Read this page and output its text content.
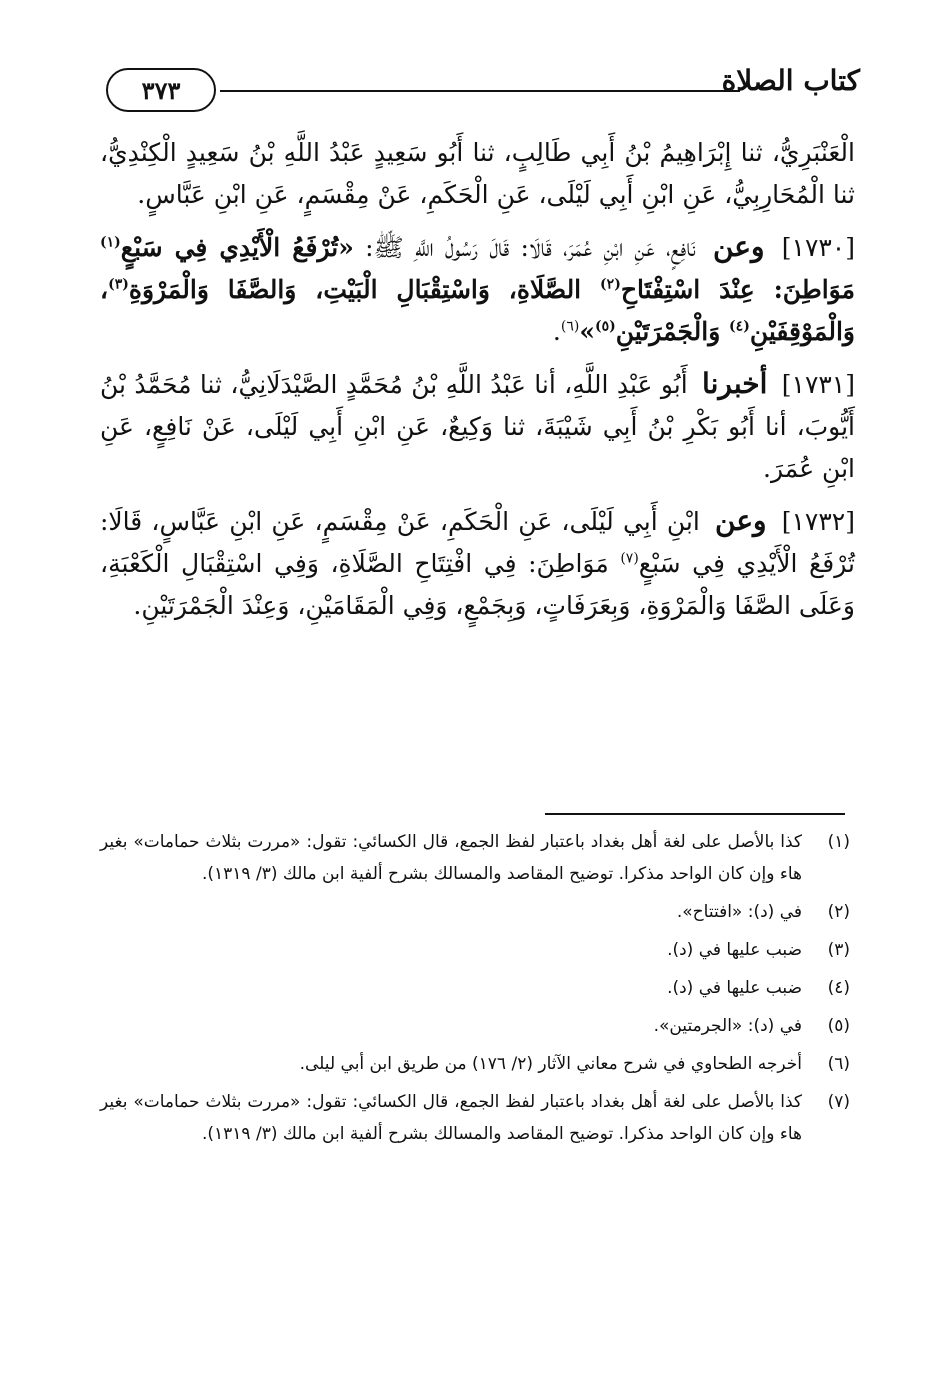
٣٧٣	كتاب الصلاة

الْعَنْبَرِيُّ، ثنا إِبْرَاهِيمُ بْنُ أَبِي طَالِبٍ، ثنا أَبُو سَعِيدٍ عَبْدُ اللَّهِ بْنُ سَعِيدٍ الْكِنْدِيُّ، ثنا الْمُحَارِبِيُّ، عَنِ ابْنِ أَبِي لَيْلَى، عَنِ الْحَكَمِ، عَنْ مِقْسَمٍ، عَنِ ابْنِ عَبَّاسٍ.

[١٧٣٠] وعن نَافِعٍ، عَنِ ابْنِ عُمَرَ، قَالَا: قَالَ رَسُولُ اللَّهِ ﷺ: «تُرْفَعُ الْأَيْدِي فِي سَبْعٍ$^{(١)}$ مَوَاطِنَ: عِنْدَ اسْتِفْتَاحِ$^{(٢)}$ الصَّلَاةِ، وَاسْتِقْبَالِ الْبَيْتِ، وَالصَّفَا وَالْمَرْوَةِ$^{(٣)}$، وَالْمَوْقِفَيْنِ$^{(٤)}$ وَالْجَمْرَتَيْنِ$^{(٥)}$»$^{(٦)}$.

[١٧٣١] أخبرنا أَبُو عَبْدِ اللَّهِ، أنا عَبْدُ اللَّهِ بْنُ مُحَمَّدٍ الصَّيْدَلَانِيُّ، ثنا مُحَمَّدُ بْنُ أَيُّوبَ، أنا أَبُو بَكْرِ بْنُ أَبِي شَيْبَةَ، ثنا وَكِيعٌ، عَنِ ابْنِ أَبِي لَيْلَى، عَنْ نَافِعٍ، عَنِ ابْنِ عُمَرَ.

[١٧٣٢] وعن ابْنِ أَبِي لَيْلَى، عَنِ الْحَكَمِ، عَنْ مِقْسَمٍ، عَنِ ابْنِ عَبَّاسٍ، قَالَا: تُرْفَعُ الْأَيْدِي فِي سَبْعٍ$^{(٧)}$ مَوَاطِنَ: فِي افْتِتَاحِ الصَّلَاةِ، وَفِي اسْتِقْبَالِ الْكَعْبَةِ، وَعَلَى الصَّفَا وَالْمَرْوَةِ، وَبِعَرَفَاتٍ، وَبِجَمْعٍ، وَفِي الْمَقَامَيْنِ، وَعِنْدَ الْجَمْرَتَيْنِ.

(١)
كذا بالأصل على لغة أهل بغداد باعتبار لفظ الجمع، قال الكسائي: تقول: «مررت بثلاث حمامات» بغير هاء وإن كان الواحد مذكرا. توضيح المقاصد والمسالك بشرح ألفية ابن مالك (٣/ ١٣١٩).
(٢)
في (د): «افتتاح».
(٣)
ضبب عليها في (د).
(٤)
ضبب عليها في (د).
(٥)
في (د): «الجرمتين».
(٦)
أخرجه الطحاوي في شرح معاني الآثار (٢/ ١٧٦) من طريق ابن أبي ليلى.
(٧)
كذا بالأصل على لغة أهل بغداد باعتبار لفظ الجمع، قال الكسائي: تقول: «مررت بثلاث حمامات» بغير هاء وإن كان الواحد مذكرا. توضيح المقاصد والمسالك بشرح ألفية ابن مالك (٣/ ١٣١٩).
